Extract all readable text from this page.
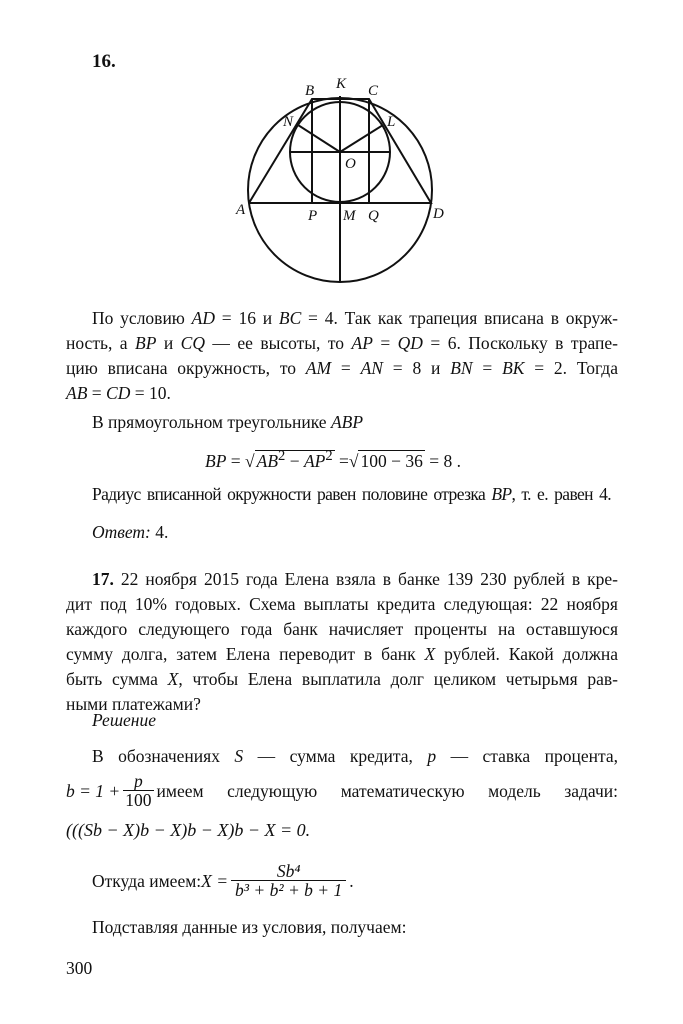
16.
B K C
N	L
O
A	P M Q	D
По условию AD = 16 и BC = 4. Так как трапеция вписана в окруж-
ность, а BP и CQ — ее высоты, то AP = QD = 6. Поскольку в трапе-
цию вписана окружность, то AM = AN = 8 и BN = BK = 2. Тогда
AB = CD = 10.
В прямоугольном треугольнике ABP
BP = √ $AB^2 - AP^2$ =√ 100 − 36 = 8 .
Радиус вписанной окружности равен половине отрезка BP, т. е. равен 4.
Ответ: 4.
17. 22 ноября 2015 года Елена взяла в банке 139 230 рублей в кре-
дит под 10% годовых. Схема выплаты кредита следующая: 22 ноября
каждого следующего года банк начисляет проценты на оставшуюся
сумму долга, затем Елена переводит в банк X рублей. Какой должна
быть сумма X, чтобы Елена выплатила долг целиком четырьмя рав-
ными платежами?
Решение
В обозначениях S — сумма кредита, p — ставка процента,
$b = 1 + \frac{p}{100}$ имеем следующую математическую модель задачи:
(((Sb − X)b − X)b − X)b − X = 0.
Откуда имеем: $X = \frac{\text{Sb⁴}}{\text{b³ + b² + b + 1}}$ .
Подставляя данные из условия, получаем:
300
